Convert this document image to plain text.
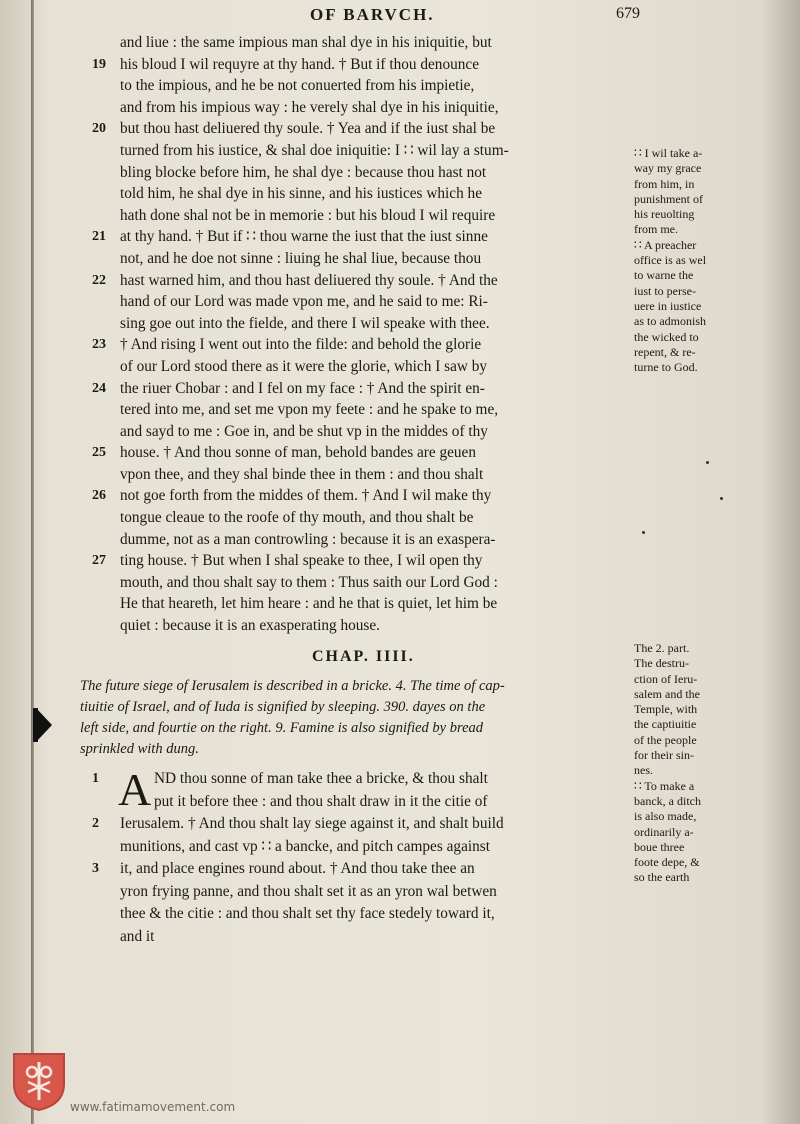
OF BARVCH.	679
and liue : the same impious man shal dye in his iniquitie, but
19 his bloud I wil requyre at thy hand. † But if thou denounce
to the impious, and he be not conuerted from his impietie,
and from his impious way : he verely shal dye in his iniquitie,
20 but thou hast deliuered thy soule. † Yea and if the iust shal be
turned from his iustice, & shal doe iniquitie: I ∷ wil lay a stum-
bling blocke before him, he shal dye : because thou hast not
told him, he shal dye in his sinne, and his iustices which he
hath done shal not be in memorie : but his bloud I wil require
21 at thy hand. † But if ∷ thou warne the iust that the iust sinne
not, and he doe not sinne : liuing he shal liue, because thou
22 hast warned him, and thou hast deliuered thy soule. † And the
hand of our Lord was made vpon me, and he said to me: Ri-
sing goe out into the fielde, and there I wil speake with thee.
23 † And rising I went out into the filde: and behold the glorie
of our Lord stood there as it were the glorie, which I saw by
24 the riuer Chobar : and I fel on my face : † And the spirit en-
tered into me, and set me vpon my feete : and he spake to me,
and sayd to me : Goe in, and be shut vp in the middes of thy
25 house. † And thou sonne of man, behold bandes are geuen
vpon thee, and they shal binde thee in them : and thou shalt
26 not goe forth from the middes of them. † And I wil make thy
tongue cleaue to the roofe of thy mouth, and thou shalt be
dumme, not as a man controwling : because it is an exaspera-
27 ting house. † But when I shal speake to thee, I wil open thy
mouth, and thou shalt say to them : Thus saith our Lord God :
He that heareth, let him heare : and he that is quiet, let him be
quiet : because it is an exasperating house.
∷ I wil take a-
way my grace
from him, in
punishment of
his reuolting
from me.
∷ A preacher
office is as wel
to warne the
iust to perse-
uere in iustice
as to admonish
the wicked to
repent, & re-
turne to God.
CHAP. IIII.
The future siege of Ierusalem is described in a bricke. 4. The time of cap-
tiuitie of Israel, and of Iuda is signified by sleeping. 390. dayes on the
left side, and fourtie on the right. 9. Famine is also signified by bread
sprinkled with dung.
The 2. part.
The destru-
ction of Ieru-
salem and the
Temple, with
the captiuitie
of the people
for their sin-
nes.
∷ To make a
banck, a ditch
is also made,
ordinarily a-
boue three
foote depe, &
so the earth
A
1	ND thou sonne of man take thee a bricke, & thou shalt
put it before thee : and thou shalt draw in it the citie of
2	Ierusalem. † And thou shalt lay siege against it, and shalt build
munitions, and cast vp ∷ a bancke, and pitch campes against
3	it, and place engines round about. † And thou take thee an
yron frying panne, and thou shalt set it as an yron wal betwen
thee & the citie : and thou shalt set thy face stedely toward it,
and it
www.fatimamovement.com
